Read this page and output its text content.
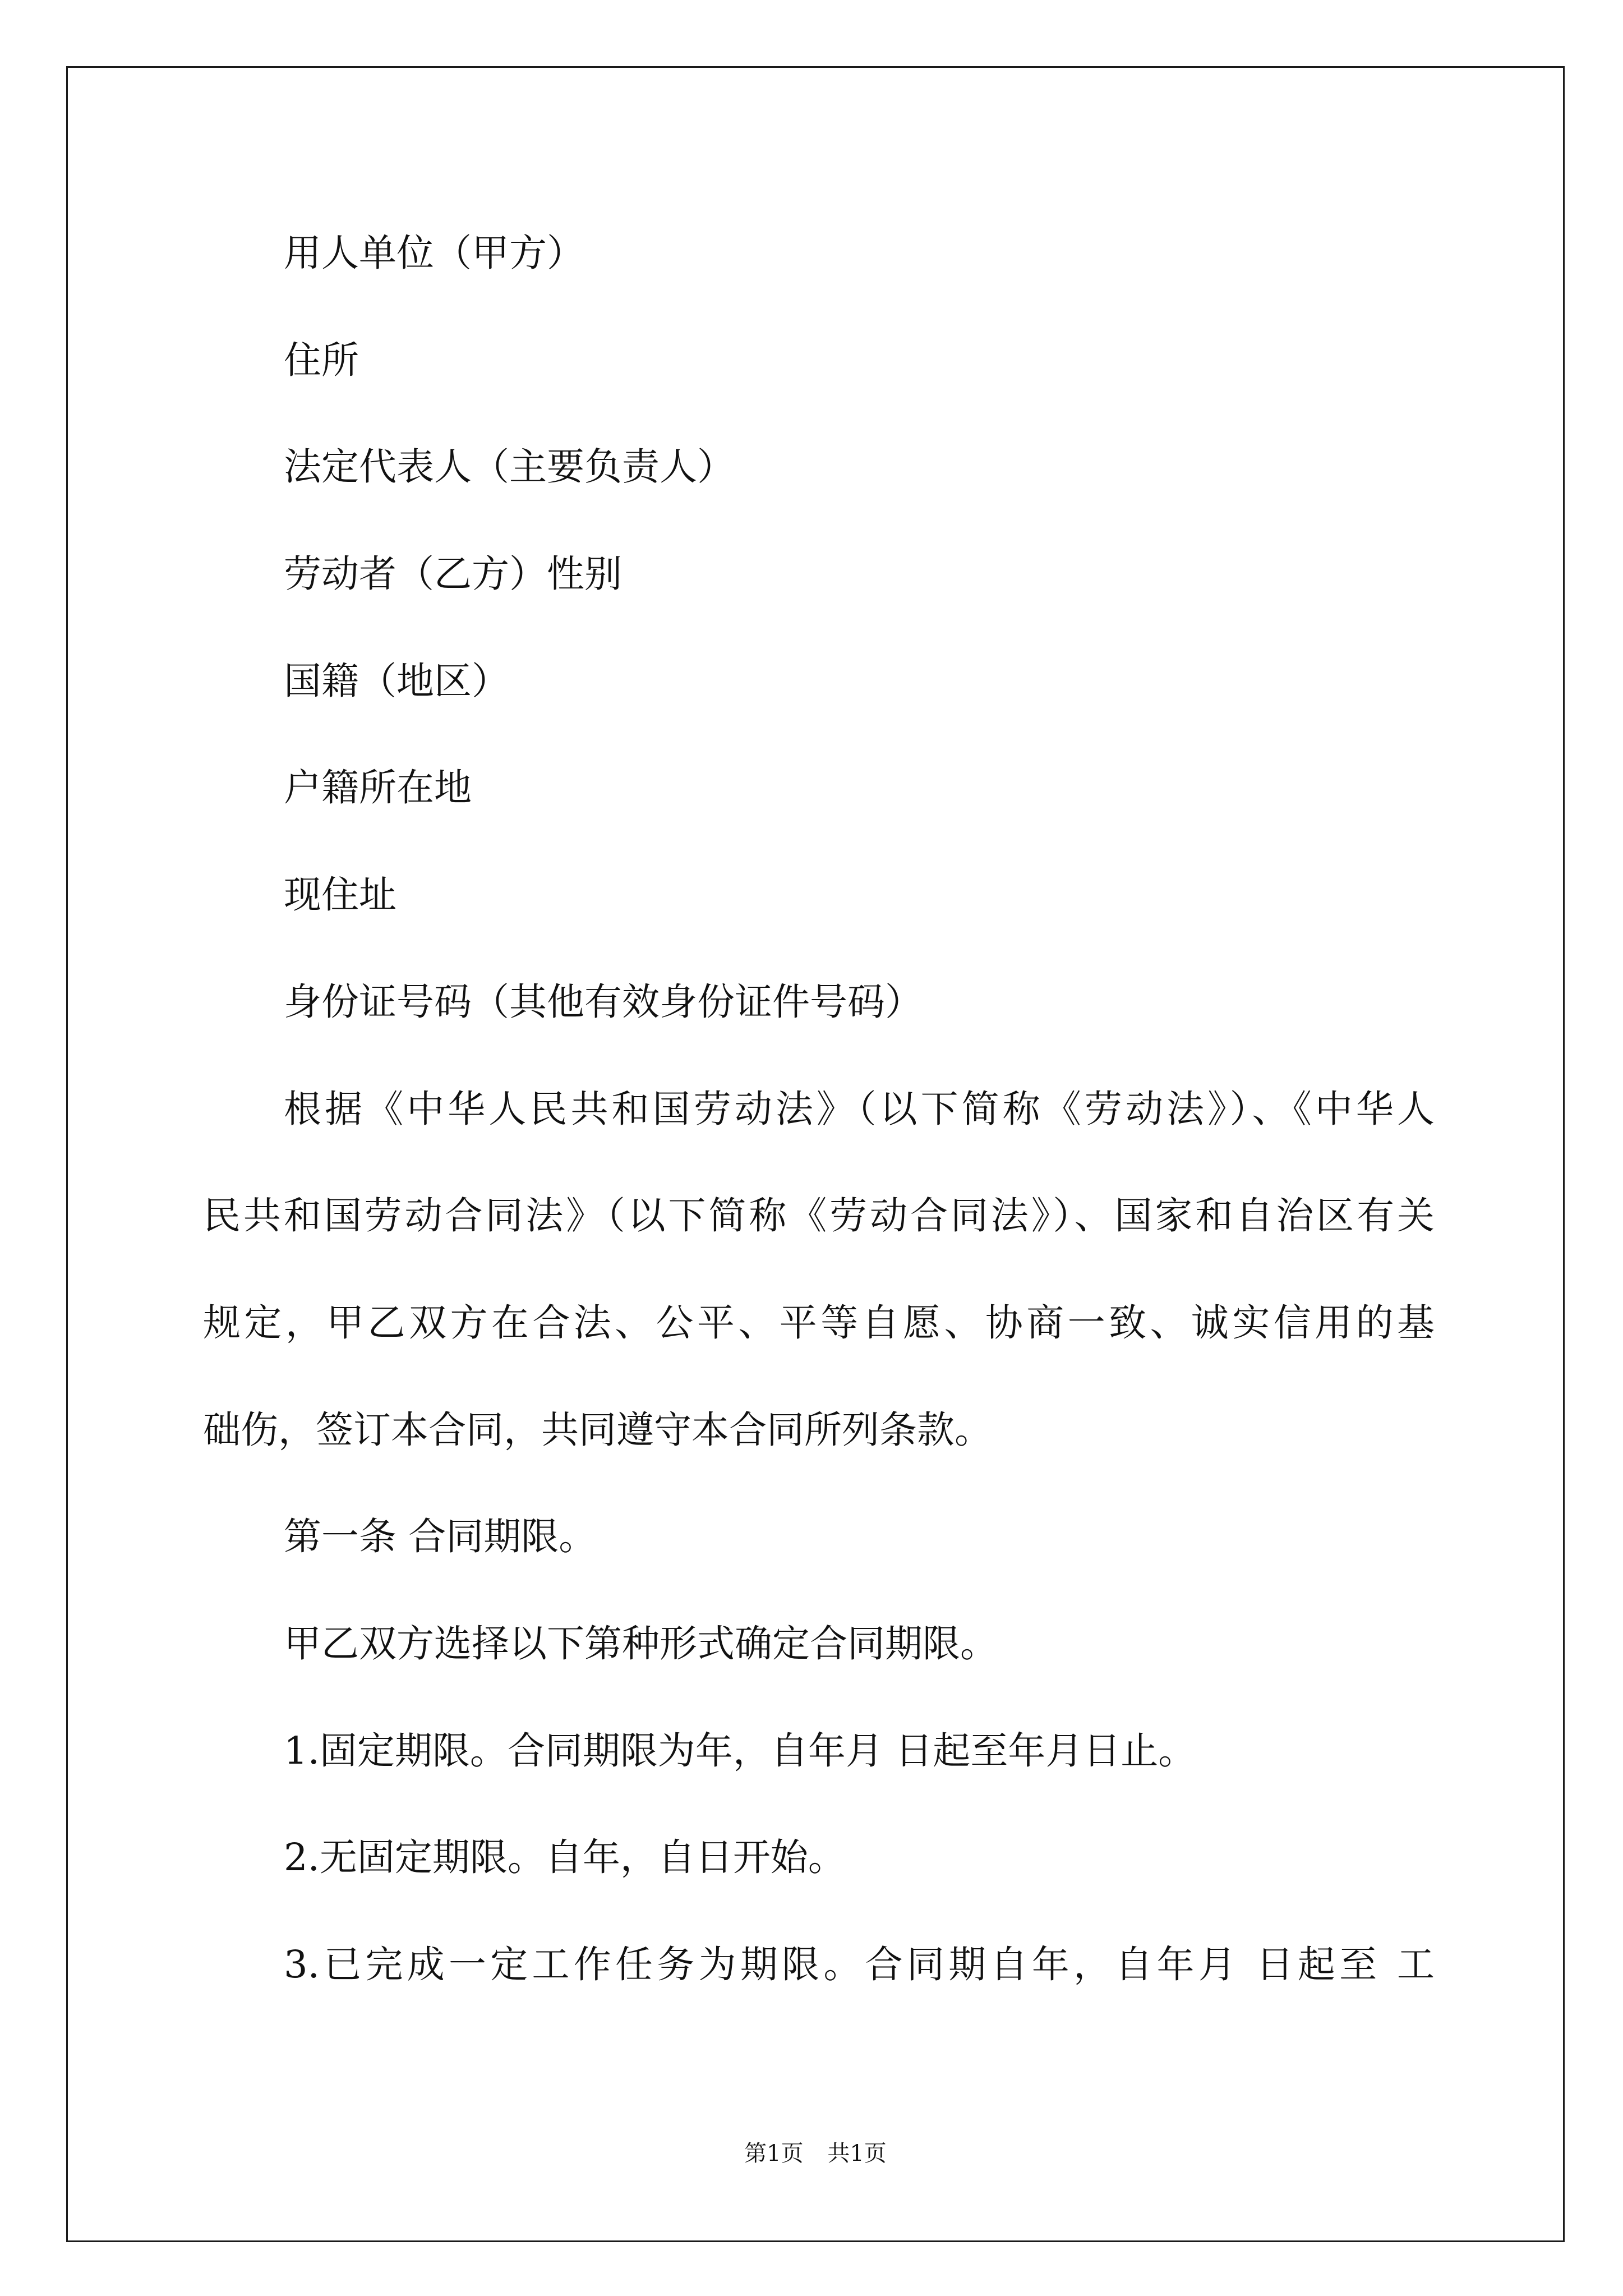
用人单位（甲方）
住所
法定代表人（主要负责人）
劳动者（乙方）性别
国籍（地区）
户籍所在地
现住址
身份证号码（其他有效身份证件号码）
根据《中华人民共和国劳动法》（以下简称《劳动法》）、《中华人
民共和国劳动合同法》（以下简称《劳动合同法》）、国家和自治区有关
规定，甲乙双方在合法、公平、平等自愿、协商一致、诚实信用的基
础伤，签订本合同，共同遵守本合同所列条款。
第一条 合同期限。
甲乙双方选择以下第种形式确定合同期限。
1.固定期限。合同期限为年，自年月 日起至年月日止。
2.无固定期限。自年，自日开始。
3.已完成一定工作任务为期限。合同期自年，自年月 日起至 工
第1页 共1页
